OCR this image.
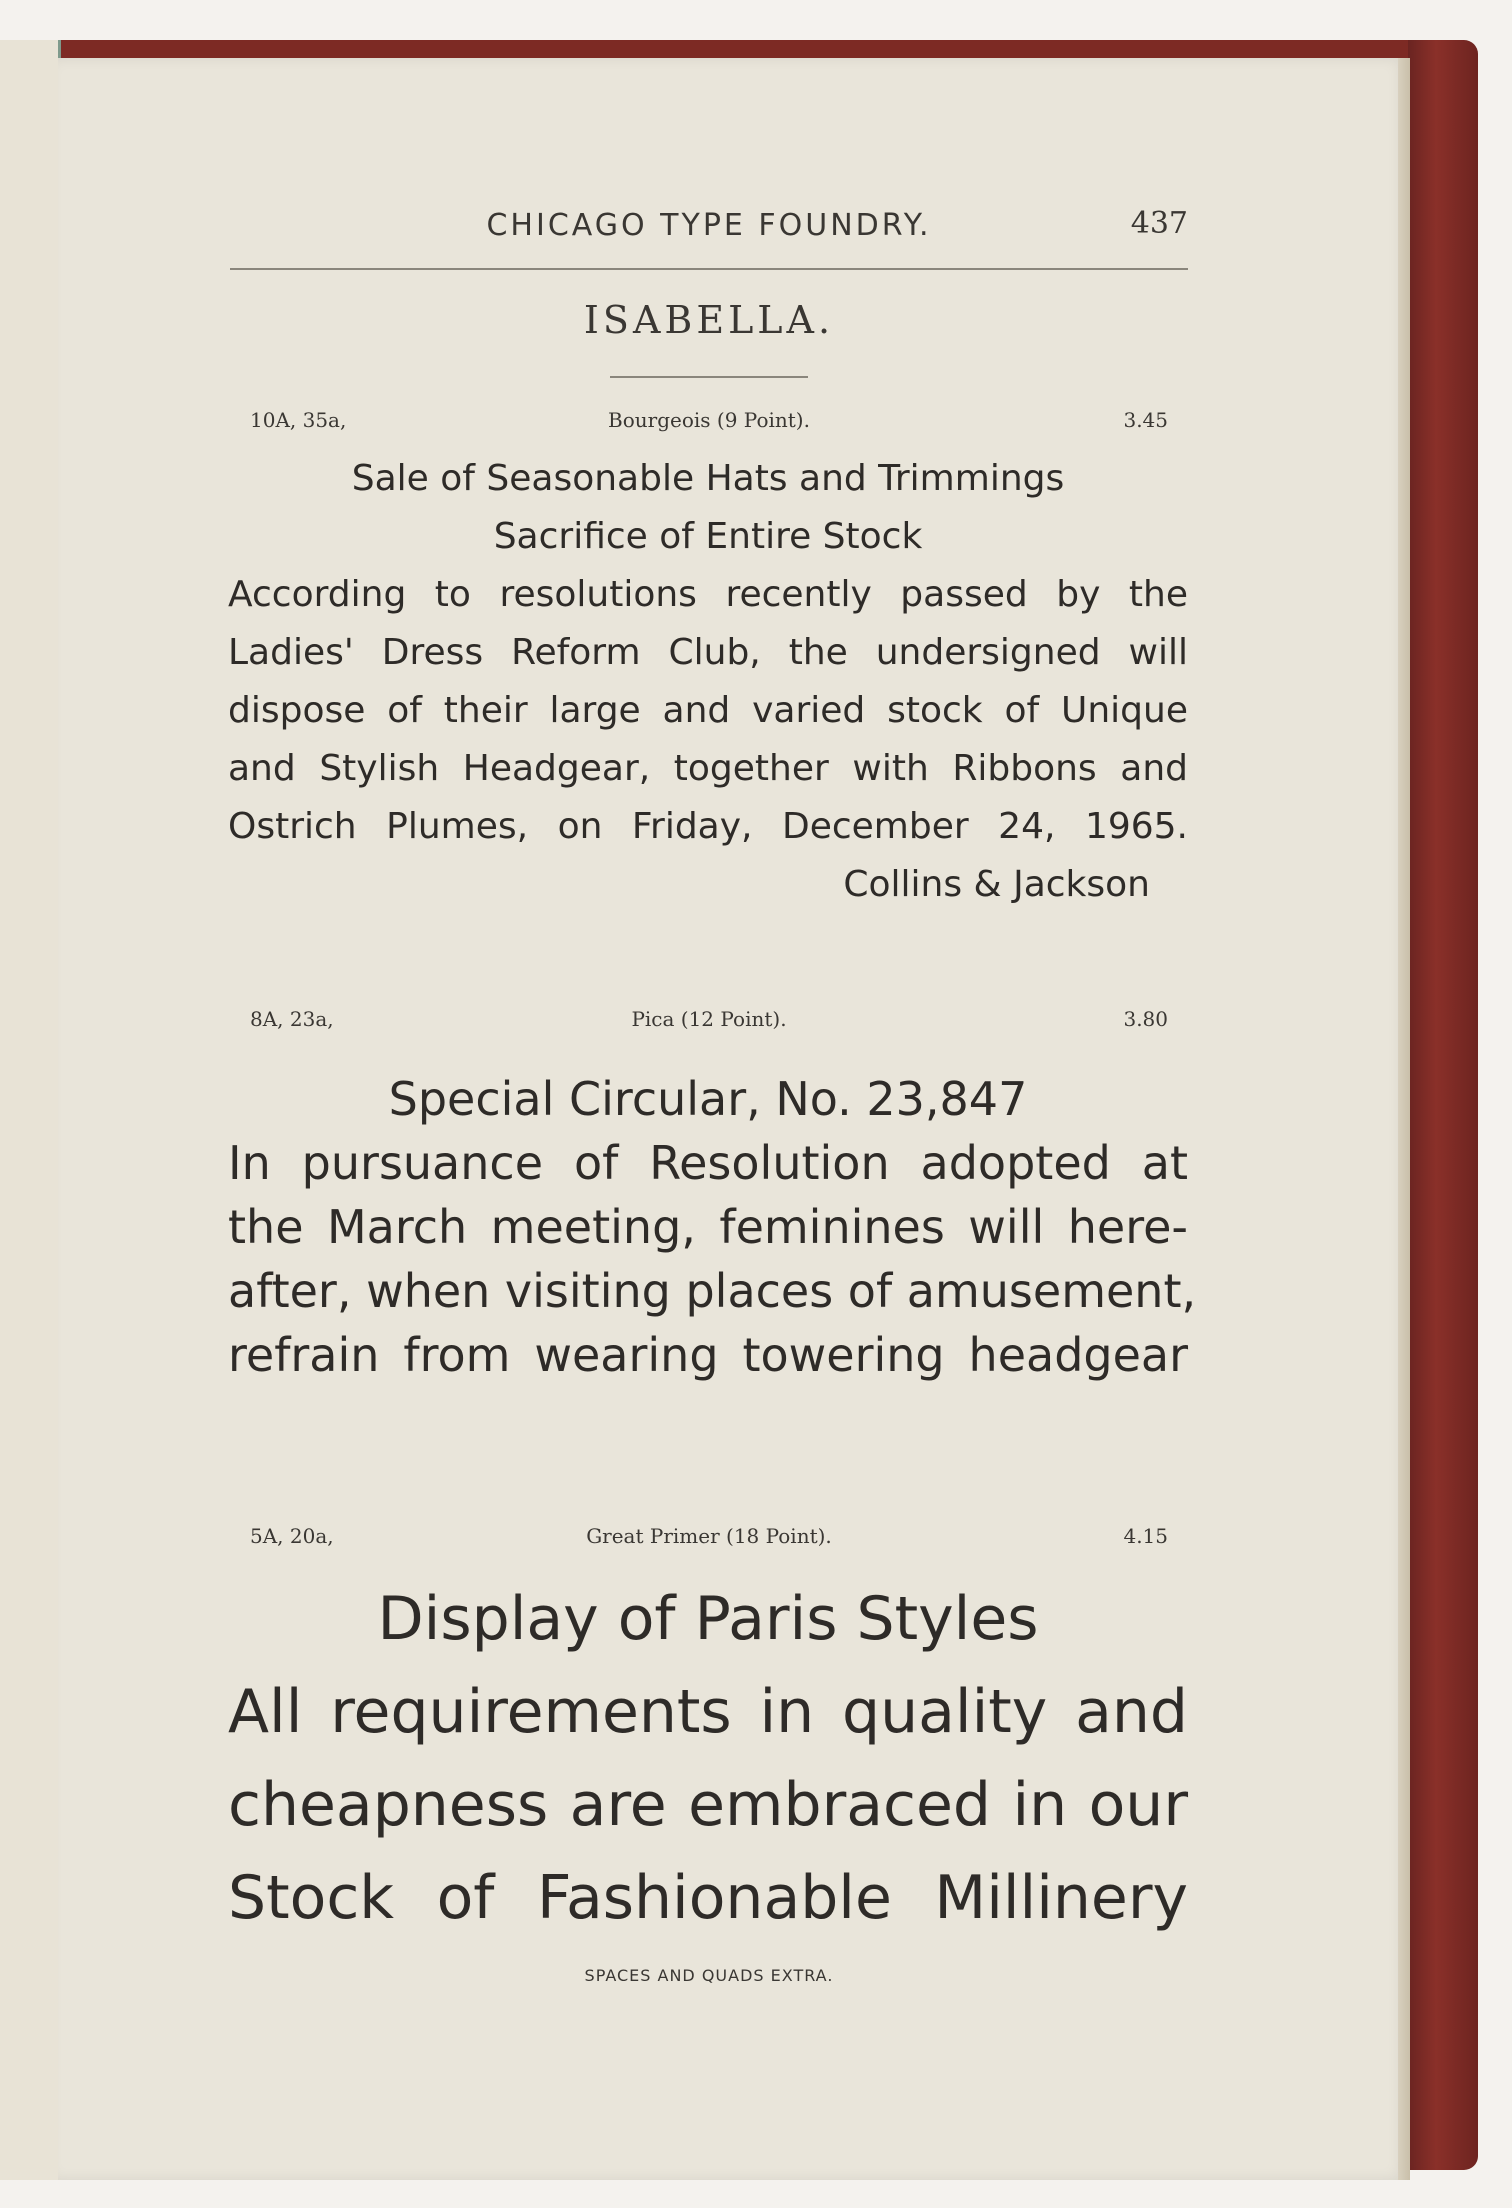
CHICAGO TYPE FOUNDRY.	437
ISABELLA.
10A, 35a,	Bourgeois (9 Point).	3.45
Sale of Seasonable Hats and Trimmings
Sacrifice of Entire Stock
According to resolutions recently passed by the
Ladies' Dress Reform Club, the undersigned will
dispose of their large and varied stock of Unique
and Stylish Headgear, together with Ribbons and
Ostrich Plumes, on Friday, December 24, 1965.
Collins & Jackson
8A, 23a,	Pica (12 Point).	3.80
Special Circular, No. 23,847
In pursuance of Resolution adopted at
the March meeting, feminines will here-
after, when visiting places of amusement,
refrain from wearing towering headgear
5A, 20a,	Great Primer (18 Point).	4.15
Display of Paris Styles
All requirements in quality and
cheapness are embraced in our
Stock of Fashionable Millinery
SPACES AND QUADS EXTRA.
